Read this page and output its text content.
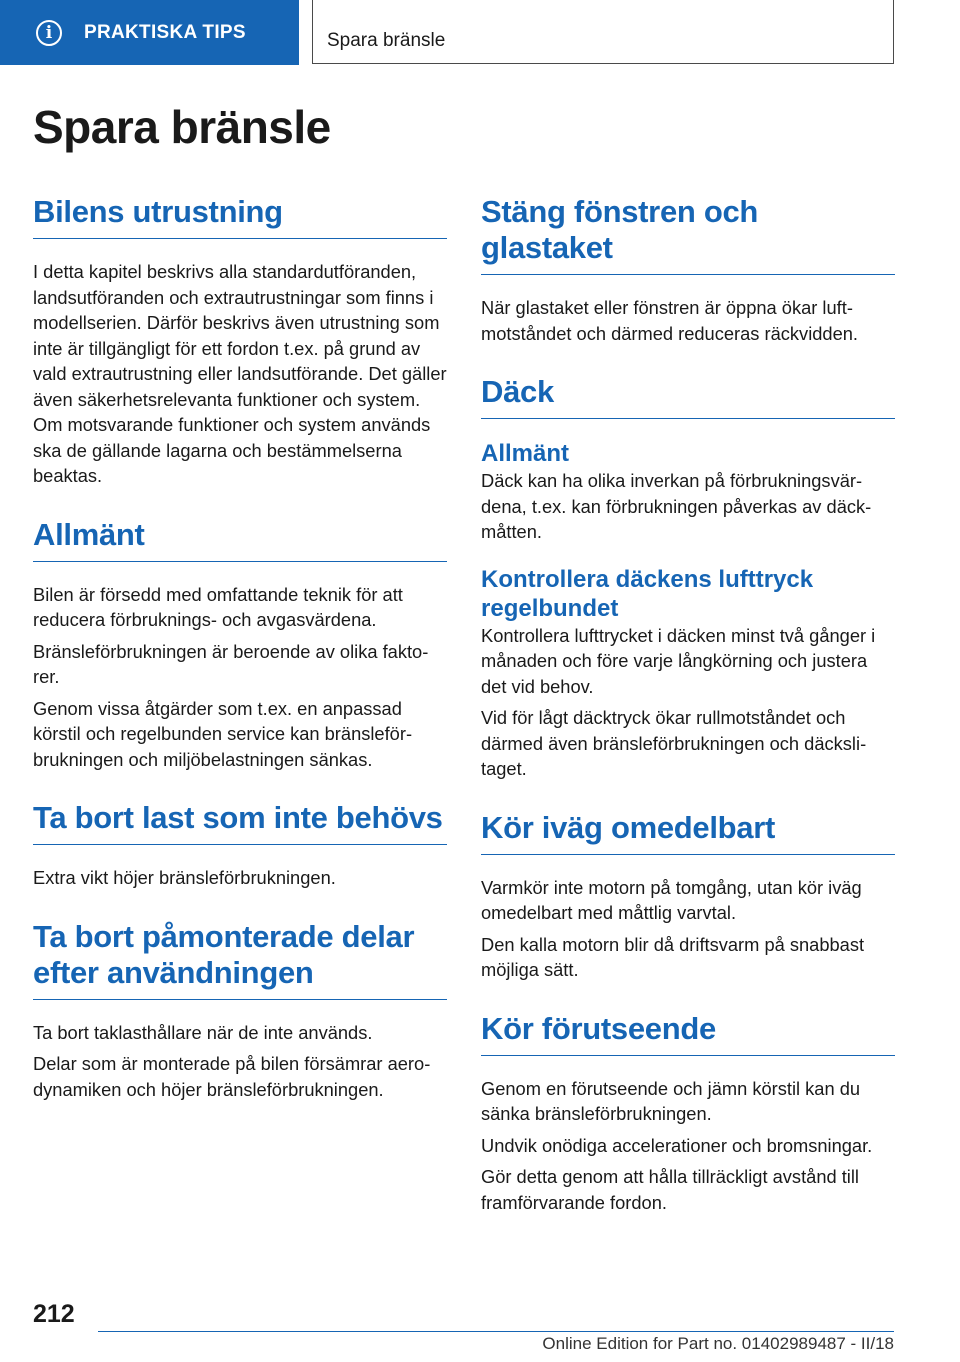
i	PRAKTISKA TIPS	Spara bränsle
Spara bränsle
Bilens utrustning

I detta kapitel beskrivs alla standardutföranden, landsutföranden och extrautrustningar som finns i modellserien. Därför beskrivs även utrustning som inte är tillgängligt för ett fordon t.ex. på grund av vald extrautrustning eller landsutförande. Det gäller även säkerhetsrelevanta funktioner och system. Om motsvarande funktioner och system används ska de gällande lagarna och bestämmelserna beaktas.

Allmänt

Bilen är försedd med omfattande teknik för att reducera förbruknings- och avgasvärdena.

Bränsleförbrukningen är beroende av olika faktorer.

Genom vissa åtgärder som t.ex. en anpassad körstil och regelbunden service kan bränsleförbrukningen och miljöbelastningen sänkas.

Ta bort last som inte behövs

Extra vikt höjer bränsleförbrukningen.

Ta bort påmonterade delar efter användningen

Ta bort taklasthållare när de inte används.

Delar som är monterade på bilen försämrar aerodynamiken och höjer bränsleförbrukningen.

Stäng fönstren och glastaket

När glastaket eller fönstren är öppna ökar luftmotståndet och därmed reduceras räckvidden.

Däck
Allmänt

Däck kan ha olika inverkan på förbrukningsvärdena, t.ex. kan förbrukningen påverkas av däckmåtten.

Kontrollera däckens lufttryck regelbundet

Kontrollera lufttrycket i däcken minst två gånger i månaden och före varje långkörning och justera det vid behov.

Vid för lågt däcktryck ökar rullmotståndet och därmed även bränsleförbrukningen och däckslitaget.

Kör iväg omedelbart

Varmkör inte motorn på tomgång, utan kör iväg omedelbart med måttlig varvtal.

Den kalla motorn blir då driftsvarm på snabbast möjliga sätt.

Kör förutseende

Genom en förutseende och jämn körstil kan du sänka bränsleförbrukningen.

Undvik onödiga accelerationer och bromsningar.

Gör detta genom att hålla tillräckligt avstånd till framförvarande fordon.

212
Online Edition for Part no. 01402989487 - II/18
